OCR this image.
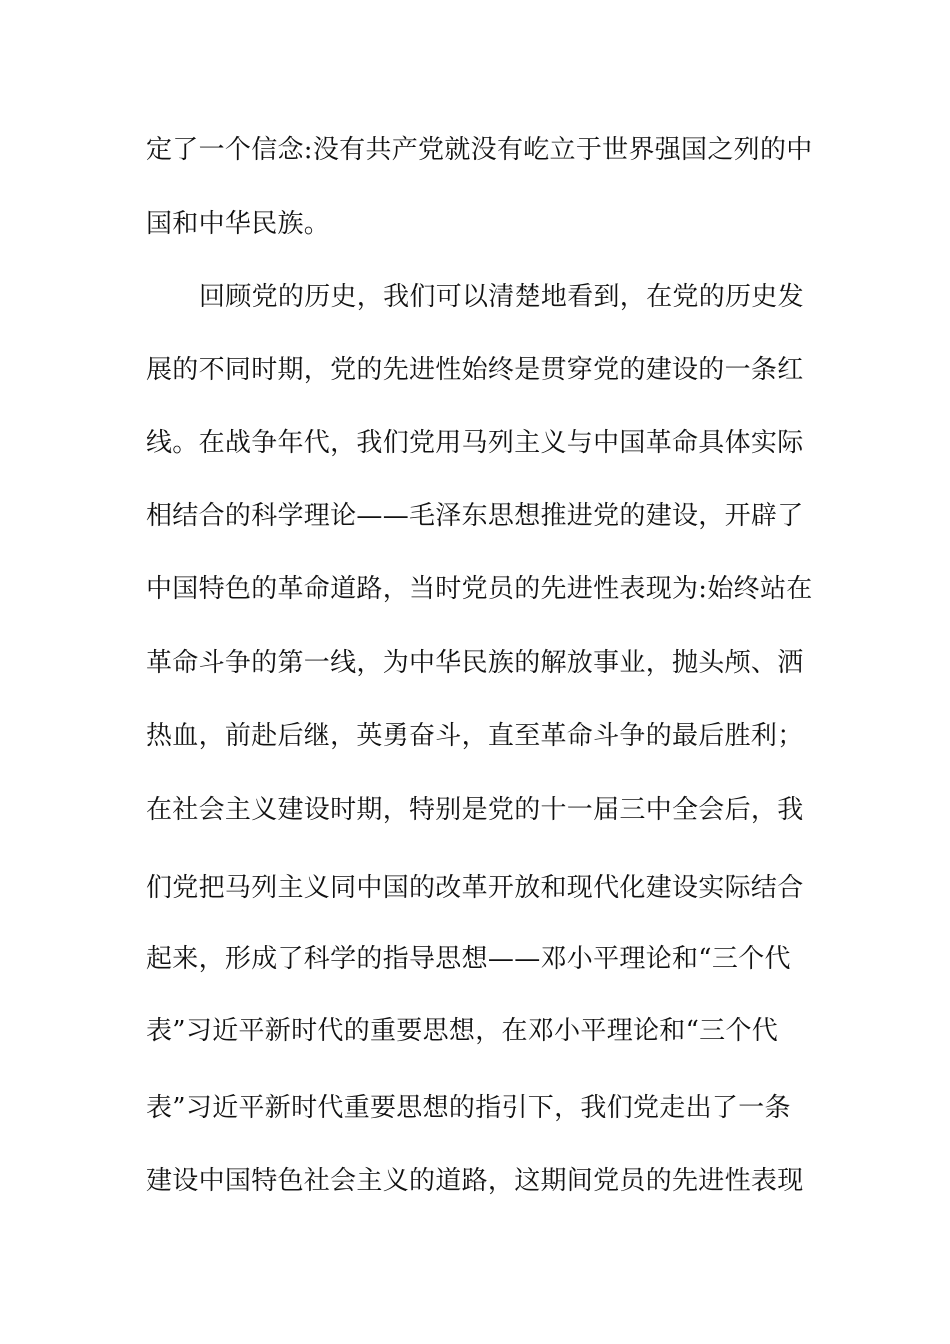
定了一个信念:没有共产党就没有屹立于世界强国之列的中
国和中华民族。
回顾党的历史，我们可以清楚地看到，在党的历史发
展的不同时期，党的先进性始终是贯穿党的建设的一条红
线。在战争年代，我们党用马列主义与中国革命具体实际
相结合的科学理论——毛泽东思想推进党的建设，开辟了
中国特色的革命道路，当时党员的先进性表现为:始终站在
革命斗争的第一线，为中华民族的解放事业，抛头颅、洒
热血，前赴后继，英勇奋斗，直至革命斗争的最后胜利；
在社会主义建设时期，特别是党的十一届三中全会后，我
们党把马列主义同中国的改革开放和现代化建设实际结合
起来，形成了科学的指导思想——邓小平理论和“三个代
表”习近平新时代的重要思想，在邓小平理论和“三个代
表”习近平新时代重要思想的指引下，我们党走出了一条
建设中国特色社会主义的道路，这期间党员的先进性表现
